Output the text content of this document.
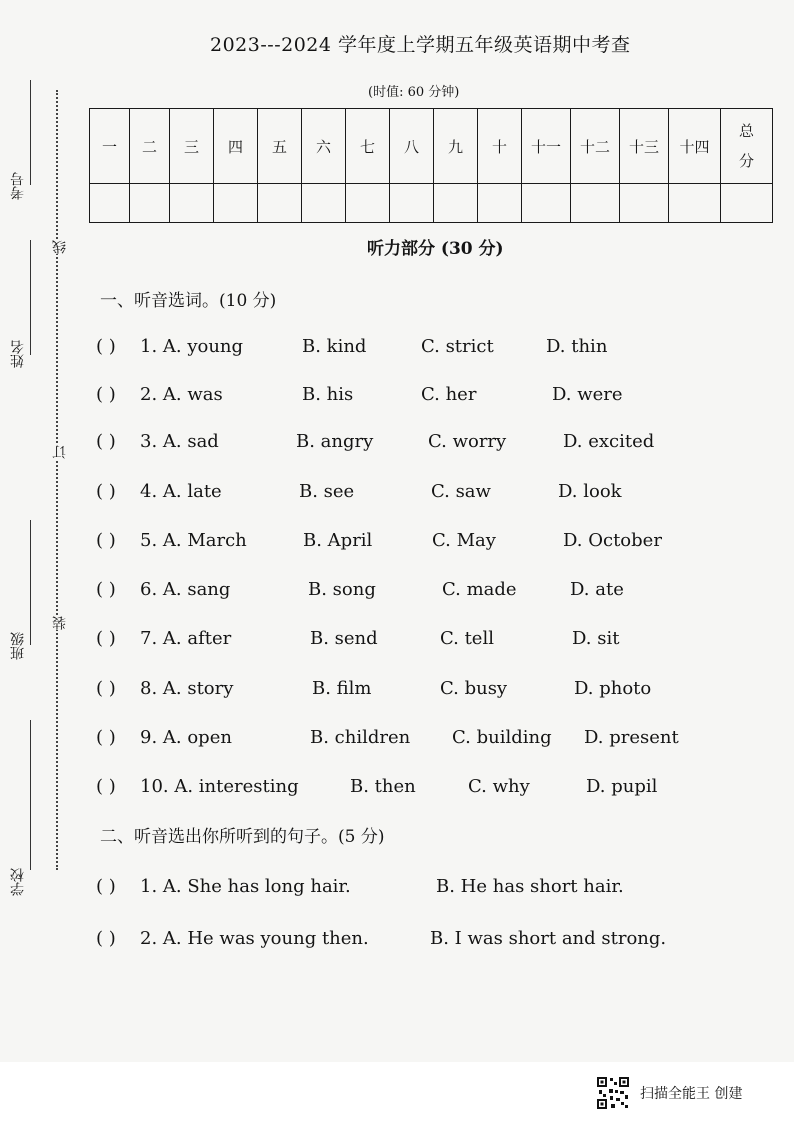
考号
姓名
班级
学校
线
订
装
2023---2024 学年度上学期五年级英语期中考查
(时值: 60 分钟)
一	二	三	四	五	六	七	八	九	十	十一	十二	十三	十四	总
分

听力部分 (30 分)
一、听音选词。(10 分)
( ) 1. A. young	B. kind	C. strict	D. thin
( ) 2. A. was	B. his	C. her	D. were
( ) 3. A. sad	B. angry	C. worry	D. excited
( ) 4. A. late	B. see	C. saw	D. look
( ) 5. A. March	B. April	C. May	D. October
( ) 6. A. sang	B. song	C. made	D. ate
( ) 7. A. after	B. send	C. tell	D. sit
( ) 8. A. story	B. film	C. busy	D. photo
( ) 9. A. open	B. children C. building D. present
( ) 10. A. interesting	B. then	C. why	D. pupil
二、听音选出你所听到的句子。(5 分)
( ) 1. A. She has long hair.	B. He has short hair.
( ) 2. A. He was young then.	B. I was short and strong.
扫描全能王 创建
